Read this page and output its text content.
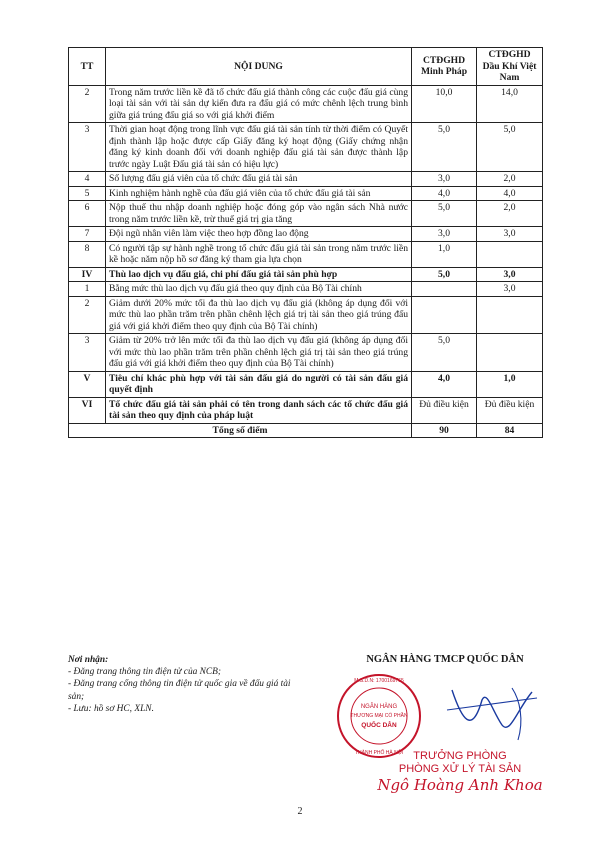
TT	NỘI DUNG	CTĐGHD Minh Pháp	CTĐGHD Dầu Khí Việt Nam
2	Trong năm trước liền kề đã tổ chức đấu giá thành công các cuộc đấu giá cùng loại tài sản với tài sản dự kiến đưa ra đấu giá có mức chênh lệch trung bình giữa giá trúng đấu giá so với giá khởi điểm	10,0	14,0
3	Thời gian hoạt động trong lĩnh vực đấu giá tài sản tính từ thời điểm có Quyết định thành lập hoặc được cấp Giấy đăng ký hoạt động (Giấy chứng nhận đăng ký kinh doanh đối với doanh nghiệp đấu giá tài sản được thành lập trước ngày Luật Đấu giá tài sản có hiệu lực)	5,0	5,0
4	Số lượng đấu giá viên của tổ chức đấu giá tài sản	3,0	2,0
5	Kinh nghiệm hành nghề của đấu giá viên của tổ chức đấu giá tài sản	4,0	4,0
6	Nộp thuế thu nhập doanh nghiệp hoặc đóng góp vào ngân sách Nhà nước trong năm trước liền kề, trừ thuế giá trị gia tăng	5,0	2,0
7	Đội ngũ nhân viên làm việc theo hợp đồng lao động	3,0	3,0
8	Có người tập sự hành nghề trong tổ chức đấu giá tài sản trong năm trước liền kề hoặc năm nộp hồ sơ đăng ký tham gia lựa chọn	1,0	
IV	Thù lao dịch vụ đấu giá, chi phí đấu giá tài sản phù hợp	5,0	3,0
1	Bằng mức thù lao dịch vụ đấu giá theo quy định của Bộ Tài chính		3,0
2	Giảm dưới 20% mức tối đa thù lao dịch vụ đấu giá (không áp dụng đối với mức thù lao phần trăm trên phần chênh lệch giá trị tài sản theo giá trúng đấu giá với giá khởi điểm theo quy định của Bộ Tài chính)		
3	Giảm từ 20% trở lên mức tối đa thù lao dịch vụ đấu giá (không áp dụng đối với mức thù lao phần trăm trên phần chênh lệch giá trị tài sản theo giá trúng đấu giá với giá khởi điểm theo quy định của Bộ Tài chính)	5,0	
V	Tiêu chí khác phù hợp với tài sản đấu giá do người có tài sản đấu giá quyết định	4,0	1,0
VI	Tổ chức đấu giá tài sản phải có tên trong danh sách các tổ chức đấu giá tài sản theo quy định của pháp luật	Đủ điều kiện	Đủ điều kiện
Tổng số điểm		90	84
Nơi nhận:
- Đăng trang thông tin điện tử của NCB;
- Đăng trang cổng thông tin điện tử quốc gia về đấu giá tài sản;
- Lưu: hồ sơ HC, XLN.
NGÂN HÀNG TMCP QUỐC DÂN
NGÂN HÀNG
THƯƠNG MẠI CỔ PHẦN
QUỐC DÂN
M.S.D.N: 1700169765
THÀNH PHỐ HÀ NỘI TRƯỞNG PHÒNG
PHÒNG XỬ LÝ TÀI SẢN
Ngô Hoàng Anh Khoa
2
